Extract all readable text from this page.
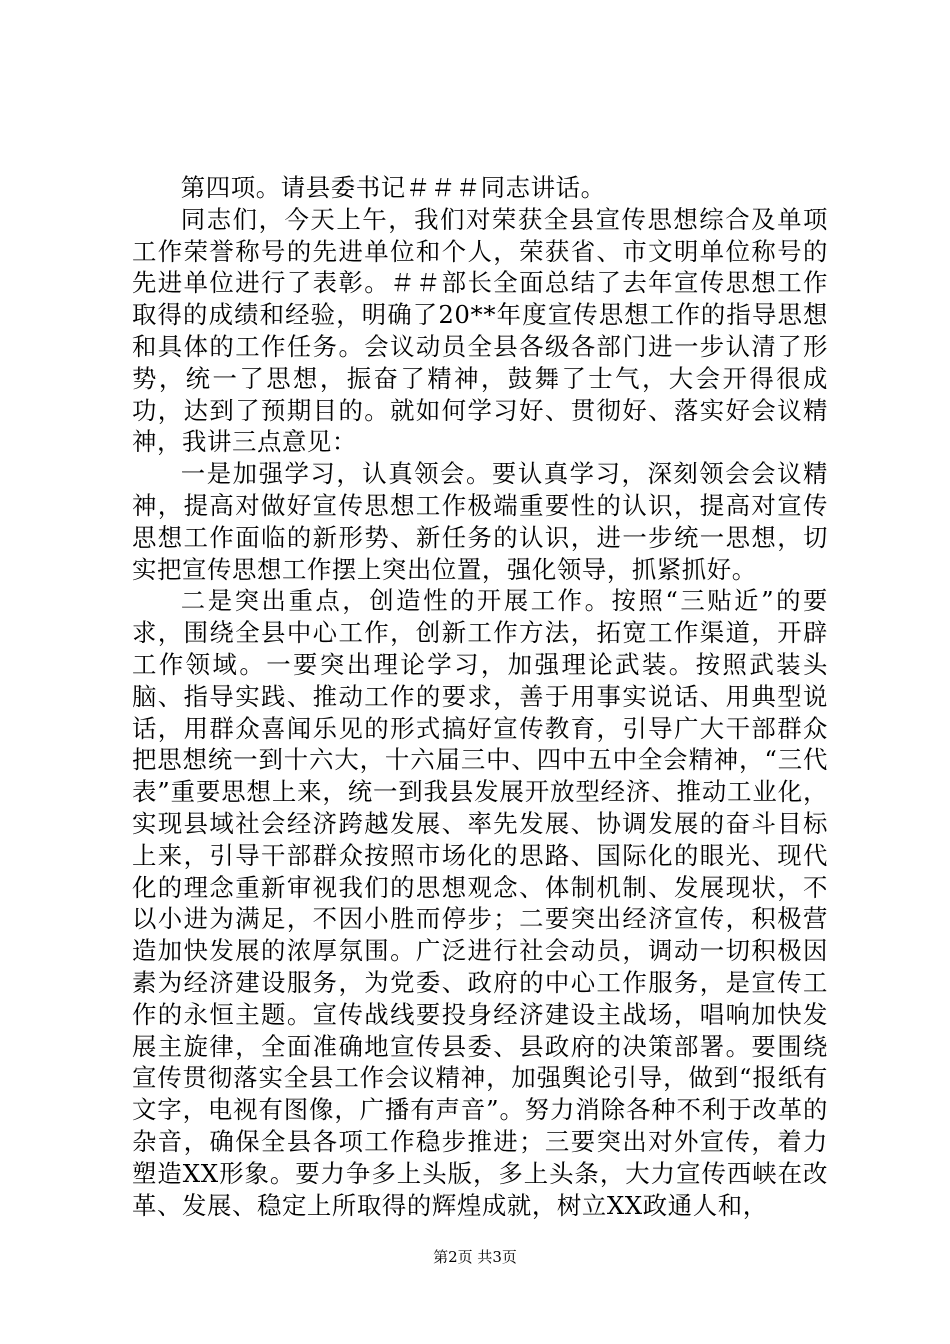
第四项。请县委书记＃＃＃同志讲话。

同志们，今天上午，我们对荣获全县宣传思想综合及单项工作荣誉称号的先进单位和个人，荣获省、市文明单位称号的先进单位进行了表彰。＃＃部长全面总结了去年宣传思想工作取得的成绩和经验，明确了20**年度宣传思想工作的指导思想和具体的工作任务。会议动员全县各级各部门进一步认清了形势，统一了思想，振奋了精神，鼓舞了士气，大会开得很成功，达到了预期目的。就如何学习好、贯彻好、落实好会议精神，我讲三点意见：

一是加强学习，认真领会。要认真学习，深刻领会会议精神，提高对做好宣传思想工作极端重要性的认识，提高对宣传思想工作面临的新形势、新任务的认识，进一步统一思想，切实把宣传思想工作摆上突出位置，强化领导，抓紧抓好。

二是突出重点，创造性的开展工作。按照“三贴近”的要求，围绕全县中心工作，创新工作方法，拓宽工作渠道，开辟工作领域。一要突出理论学习，加强理论武装。按照武装头脑、指导实践、推动工作的要求，善于用事实说话、用典型说话，用群众喜闻乐见的形式搞好宣传教育，引导广大干部群众把思想统一到十六大，十六届三中、四中五中全会精神，“三代表”重要思想上来，统一到我县发展开放型经济、推动工业化，实现县域社会经济跨越发展、率先发展、协调发展的奋斗目标上来，引导干部群众按照市场化的思路、国际化的眼光、现代化的理念重新审视我们的思想观念、体制机制、发展现状，不以小进为满足，不因小胜而停步；二要突出经济宣传，积极营造加快发展的浓厚氛围。广泛进行社会动员，调动一切积极因素为经济建设服务，为党委、政府的中心工作服务，是宣传工作的永恒主题。宣传战线要投身经济建设主战场，唱响加快发展主旋律，全面准确地宣传县委、县政府的决策部署。要围绕宣传贯彻落实全县工作会议精神，加强舆论引导，做到“报纸有文字，电视有图像，广播有声音”。努力消除各种不利于改革的杂音，确保全县各项工作稳步推进；三要突出对外宣传，着力塑造XX形象。要力争多上头版，多上头条，大力宣传西峡在改革、发展、稳定上所取得的辉煌成就，树立XX政通人和，

第2页 共3页
